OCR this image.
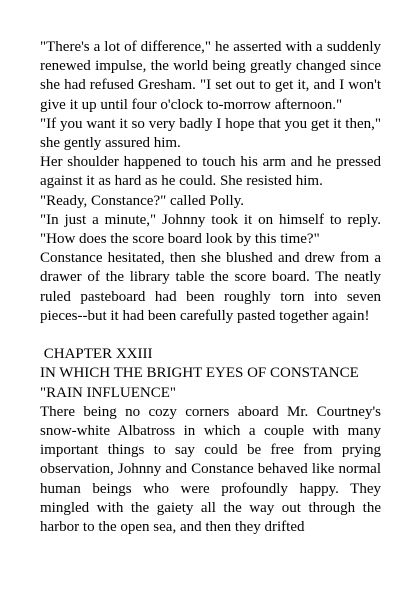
"There's a lot of difference," he asserted with a suddenly renewed impulse, the world being greatly changed since she had refused Gresham. "I set out to get it, and I won't give it up until four o'clock to-morrow afternoon."

"If you want it so very badly I hope that you get it then," she gently assured him.

Her shoulder happened to touch his arm and he pressed against it as hard as he could. She resisted him.

"Ready, Constance?" called Polly.

"In just a minute," Johnny took it on himself to reply. "How does the score board look by this time?"

Constance hesitated, then she blushed and drew from a drawer of the library table the score board. The neatly ruled pasteboard had been roughly torn into seven pieces--but it had been carefully pasted together again!

CHAPTER XXIII

IN WHICH THE BRIGHT EYES OF CONSTANCE "RAIN INFLUENCE"

There being no cozy corners aboard Mr. Courtney's snow-white Albatross in which a couple with many important things to say could be free from prying observation, Johnny and Constance behaved like normal human beings who were profoundly happy. They mingled with the gaiety all the way out through the harbor to the open sea, and then they drifted
